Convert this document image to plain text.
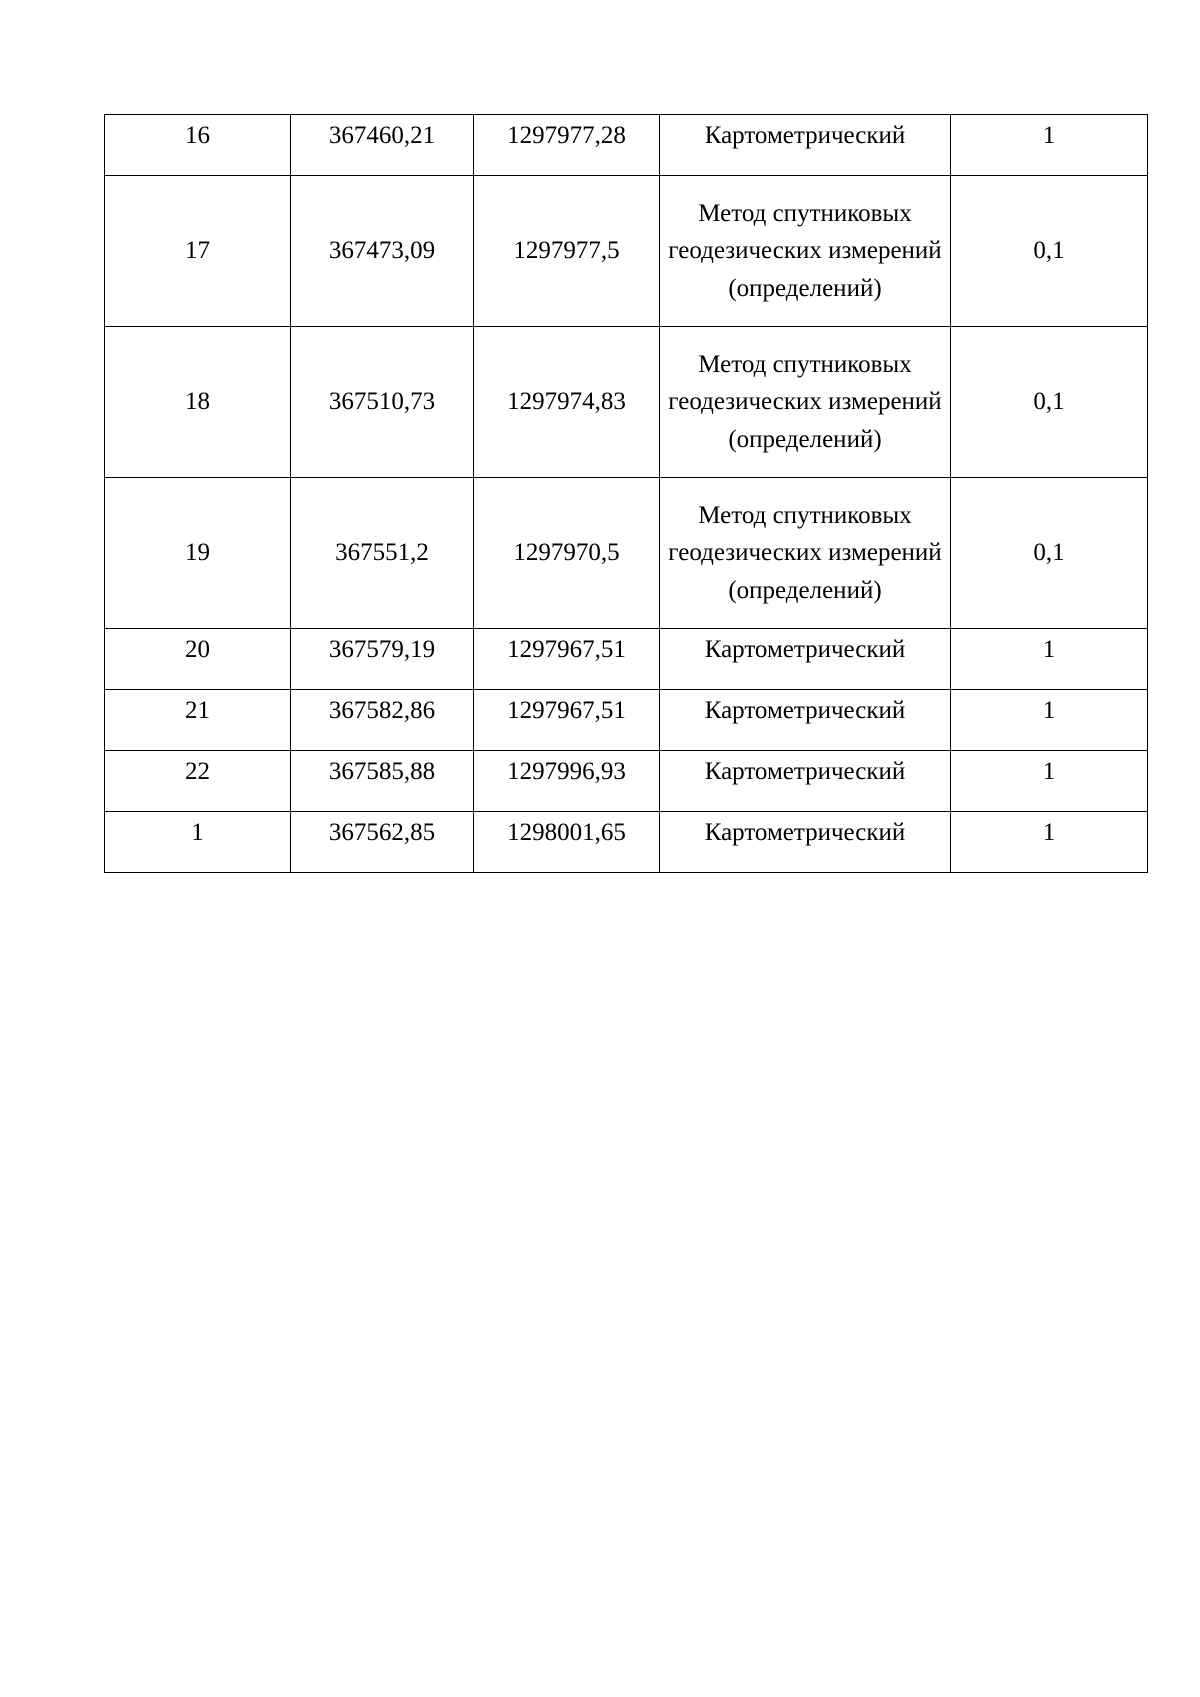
16	367460,21	1297977,28	Картометрический	1
17	367473,09	1297977,5	Метод спутниковых геодезических измерений (определений)	0,1
18	367510,73	1297974,83	Метод спутниковых геодезических измерений (определений)	0,1
19	367551,2	1297970,5	Метод спутниковых геодезических измерений (определений)	0,1
20	367579,19	1297967,51	Картометрический	1
21	367582,86	1297967,51	Картометрический	1
22	367585,88	1297996,93	Картометрический	1
1	367562,85	1298001,65	Картометрический	1
